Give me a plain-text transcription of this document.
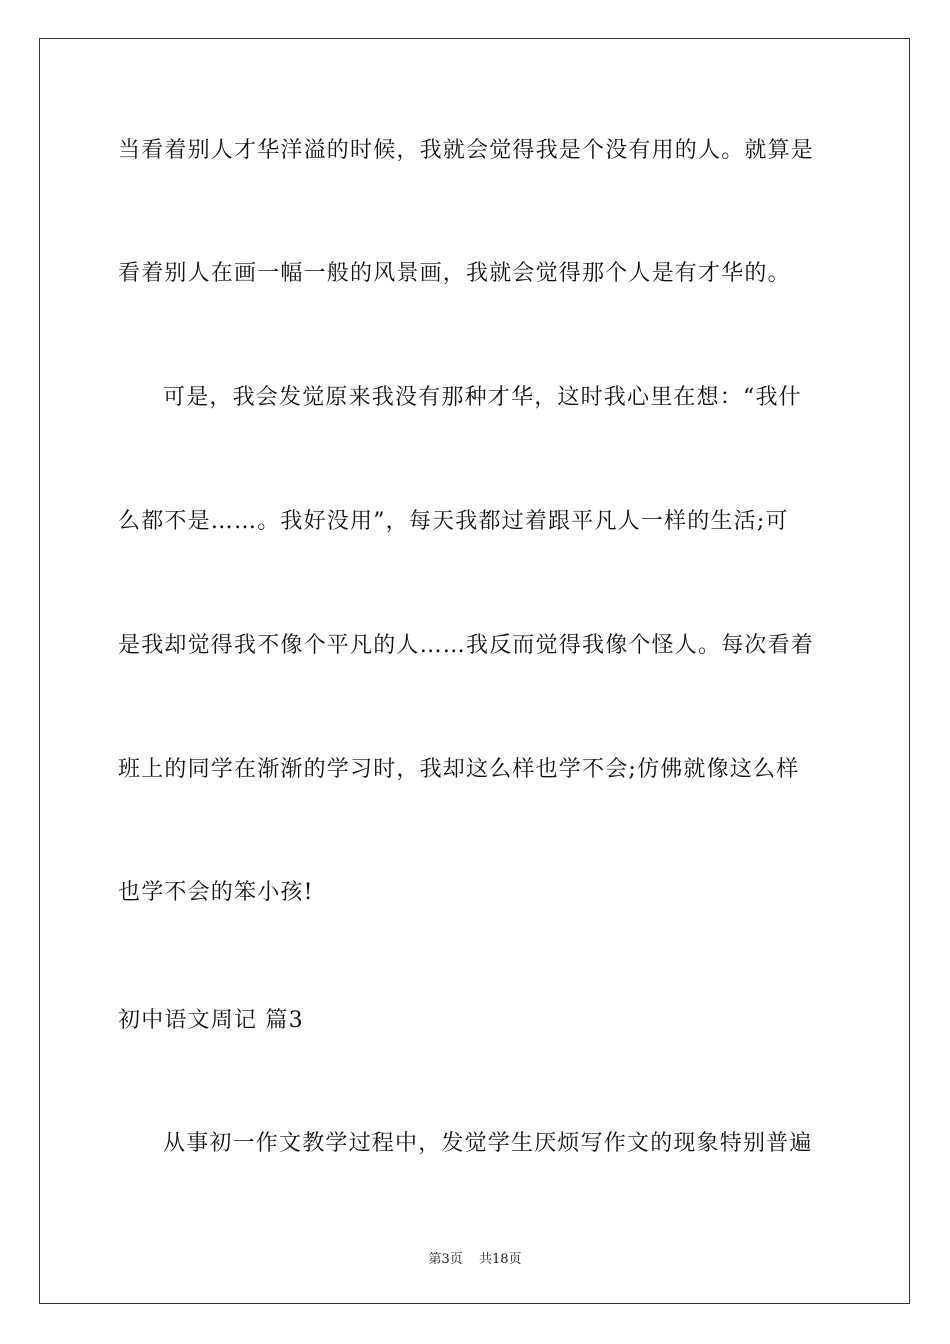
当看着别人才华洋溢的时候，我就会觉得我是个没有用的人。就算是
看着别人在画一幅一般的风景画，我就会觉得那个人是有才华的。
可是，我会发觉原来我没有那种才华，这时我心里在想：“我什
么都不是……。我好没用”，每天我都过着跟平凡人一样的生活;可
是我却觉得我不像个平凡的人……我反而觉得我像个怪人。每次看着
班上的同学在渐渐的学习时，我却这么样也学不会;仿佛就像这么样
也学不会的笨小孩!
初中语文周记 篇3
从事初一作文教学过程中，发觉学生厌烦写作文的现象特别普遍
第3页 共18页
